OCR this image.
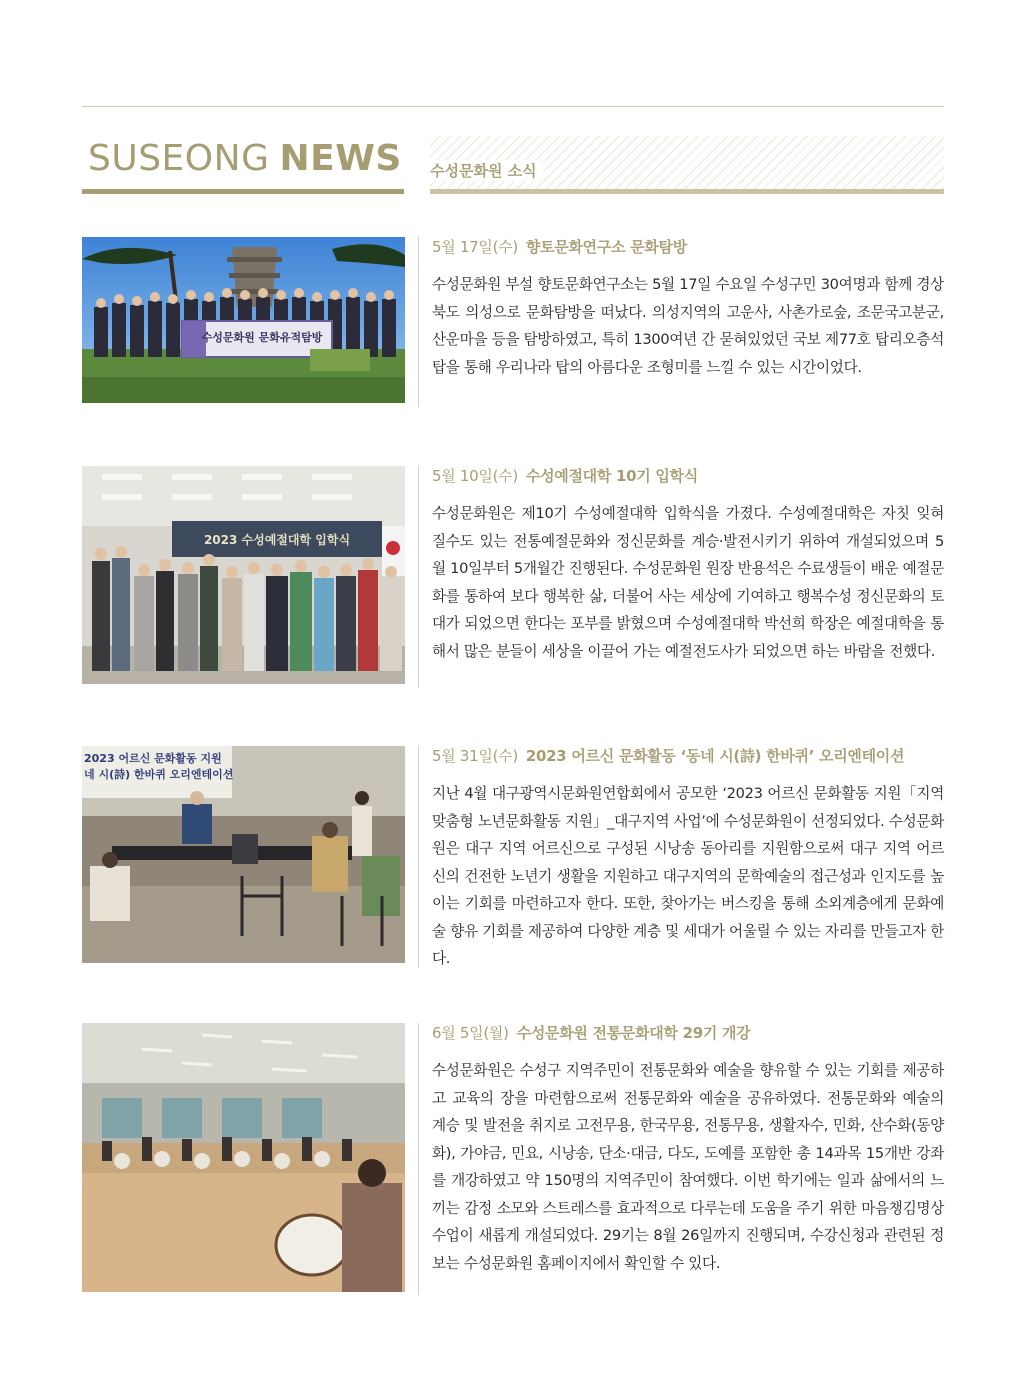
SUSEONG NEWS 수성문화원 소식
수성문화원 문화유적탐방
5월 17일(수) 향토문화연구소 문화탐방
수성문화원 부설 향토문화연구소는 5월 17일 수요일 수성구민 30여명과 함께 경상북도 의성으로 문화탐방을 떠났다. 의성지역의 고운사, 사촌가로숲, 조문국고분군, 산운마을 등을 탐방하였고, 특히 1300여년 간 묻혀있었던 국보 제77호 탑리오층석탑을 통해 우리나라 탑의 아름다운 조형미를 느낄 수 있는 시간이었다.
2023 수성예절대학 입학식
5월 10일(수) 수성예절대학 10기 입학식
수성문화원은 제10기 수성예절대학 입학식을 가졌다. 수성예절대학은 자칫 잊혀 질수도 있는 전통예절문화와 정신문화를 계승·발전시키기 위하여 개설되었으며 5월 10일부터 5개월간 진행된다. 수성문화원 원장 반용석은 수료생들이 배운 예절문화를 통하여 보다 행복한 삶, 더불어 사는 세상에 기여하고 행복수성 정신문화의 토대가 되었으면 한다는 포부를 밝혔으며 수성예절대학 박선희 학장은 예절대학을 통해서 많은 분들이 세상을 이끌어 가는 예절전도사가 되었으면 하는 바람을 전했다.
2023 어르신 문화활동 지원
네 시(詩) 한바퀴 오리엔테이션
5월 31일(수) 2023 어르신 문화활동 ‘동네 시(詩) 한바퀴’ 오리엔테이션
지난 4월 대구광역시문화원연합회에서 공모한 ‘2023 어르신 문화활동 지원「지역 맞춤형 노년문화활동 지원」_대구지역 사업’에 수성문화원이 선정되었다. 수성문화원은 대구 지역 어르신으로 구성된 시낭송 동아리를 지원함으로써 대구 지역 어르신의 건전한 노년기 생활을 지원하고 대구지역의 문학예술의 접근성과 인지도를 높이는 기회를 마련하고자 한다. 또한, 찾아가는 버스킹을 통해 소외계층에게 문화예술 향유 기회를 제공하여 다양한 계층 및 세대가 어울릴 수 있는 자리를 만들고자 한다.
6월 5일(월) 수성문화원 전통문화대학 29기 개강
수성문화원은 수성구 지역주민이 전통문화와 예술을 향유할 수 있는 기회를 제공하고 교육의 장을 마련함으로써 전통문화와 예술을 공유하였다. 전통문화와 예술의 계승 및 발전을 취지로 고전무용, 한국무용, 전통무용, 생활자수, 민화, 산수화(동양화), 가야금, 민요, 시낭송, 단소·대금, 다도, 도예를 포함한 총 14과목 15개반 강좌를 개강하였고 약 150명의 지역주민이 참여했다. 이번 학기에는 일과 삶에서의 느끼는 감정 소모와 스트레스를 효과적으로 다루는데 도움을 주기 위한 마음챙김명상 수업이 새롭게 개설되었다. 29기는 8월 26일까지 진행되며, 수강신청과 관련된 정보는 수성문화원 홈페이지에서 확인할 수 있다.
